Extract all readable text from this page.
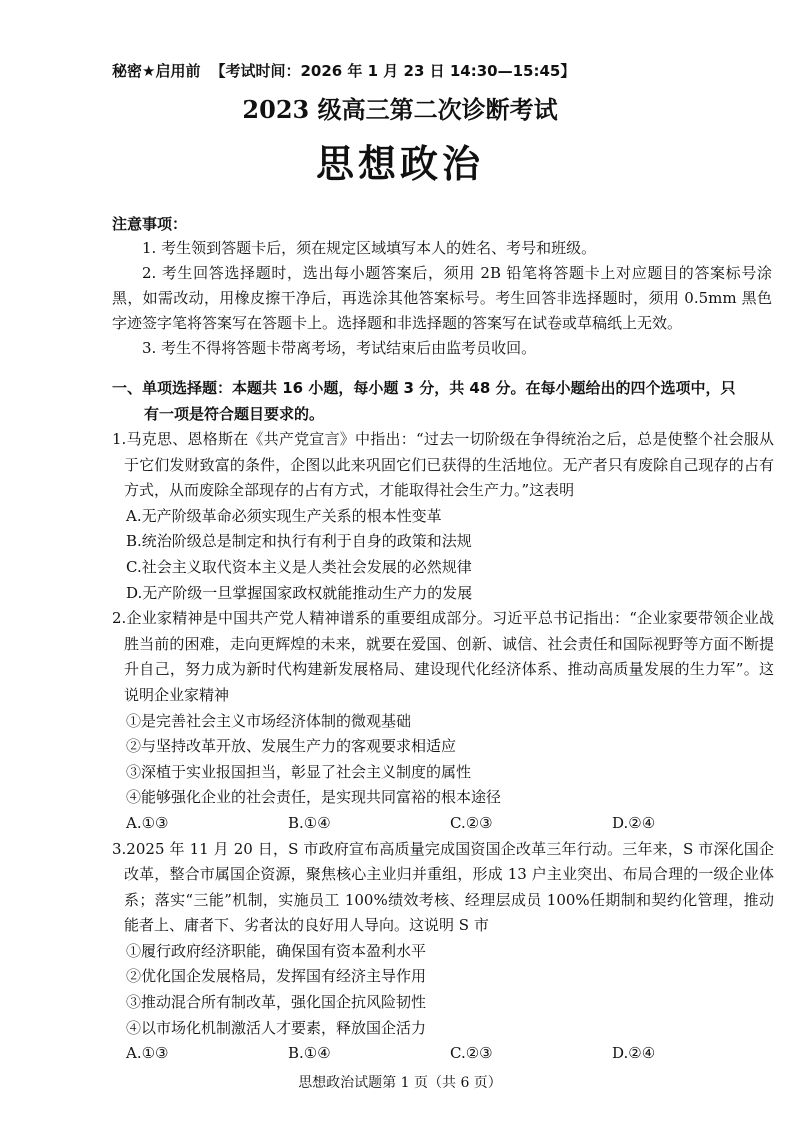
秘密★启用前 【考试时间：2026 年 1 月 23 日 14:30—15:45】
2023 级高三第二次诊断考试
思想政治
注意事项：

1. 考生领到答题卡后，须在规定区域填写本人的姓名、考号和班级。

2. 考生回答选择题时，选出每小题答案后，须用 2B 铅笔将答题卡上对应题目的答案标号涂黑，如需改动，用橡皮擦干净后，再选涂其他答案标号。考生回答非选择题时，须用 0.5mm 黑色字迹签字笔将答案写在答题卡上。选择题和非选择题的答案写在试卷或草稿纸上无效。

3. 考生不得将答题卡带离考场，考试结束后由监考员收回。

一、单项选择题：本题共 16 小题，每小题 3 分，共 48 分。在每小题给出的四个选项中，只
有一项是符合题目要求的。
1.马克思、恩格斯在《共产党宣言》中指出：“过去一切阶级在争得统治之后，总是使整个社会服从于它们发财致富的条件，企图以此来巩固它们已获得的生活地位。无产者只有废除自己现存的占有方式，从而废除全部现存的占有方式，才能取得社会生产力。”这表明
A.无产阶级革命必须实现生产关系的根本性变革
B.统治阶级总是制定和执行有利于自身的政策和法规
C.社会主义取代资本主义是人类社会发展的必然规律
D.无产阶级一旦掌握国家政权就能推动生产力的发展
2.企业家精神是中国共产党人精神谱系的重要组成部分。习近平总书记指出：“企业家要带领企业战胜当前的困难，走向更辉煌的未来，就要在爱国、创新、诚信、社会责任和国际视野等方面不断提升自己，努力成为新时代构建新发展格局、建设现代化经济体系、推动高质量发展的生力军”。这说明企业家精神
①是完善社会主义市场经济体制的微观基础
②与坚持改革开放、发展生产力的客观要求相适应
③深植于实业报国担当，彰显了社会主义制度的属性
④能够强化企业的社会责任，是实现共同富裕的根本途径
A.①③	B.①④	C.②③	D.②④
3.2025 年 11 月 20 日，S 市政府宣布高质量完成国资国企改革三年行动。三年来，S 市深化国企改革，整合市属国企资源，聚焦核心主业归并重组，形成 13 户主业突出、布局合理的一级企业体系；落实“三能”机制，实施员工 100%绩效考核、经理层成员 100%任期制和契约化管理，推动能者上、庸者下、劣者汰的良好用人导向。这说明 S 市
①履行政府经济职能，确保国有资本盈利水平
②优化国企发展格局，发挥国有经济主导作用
③推动混合所有制改革，强化国企抗风险韧性
④以市场化机制激活人才要素，释放国企活力
A.①③	B.①④	C.②③	D.②④
思想政治试题第 1 页（共 6 页）
